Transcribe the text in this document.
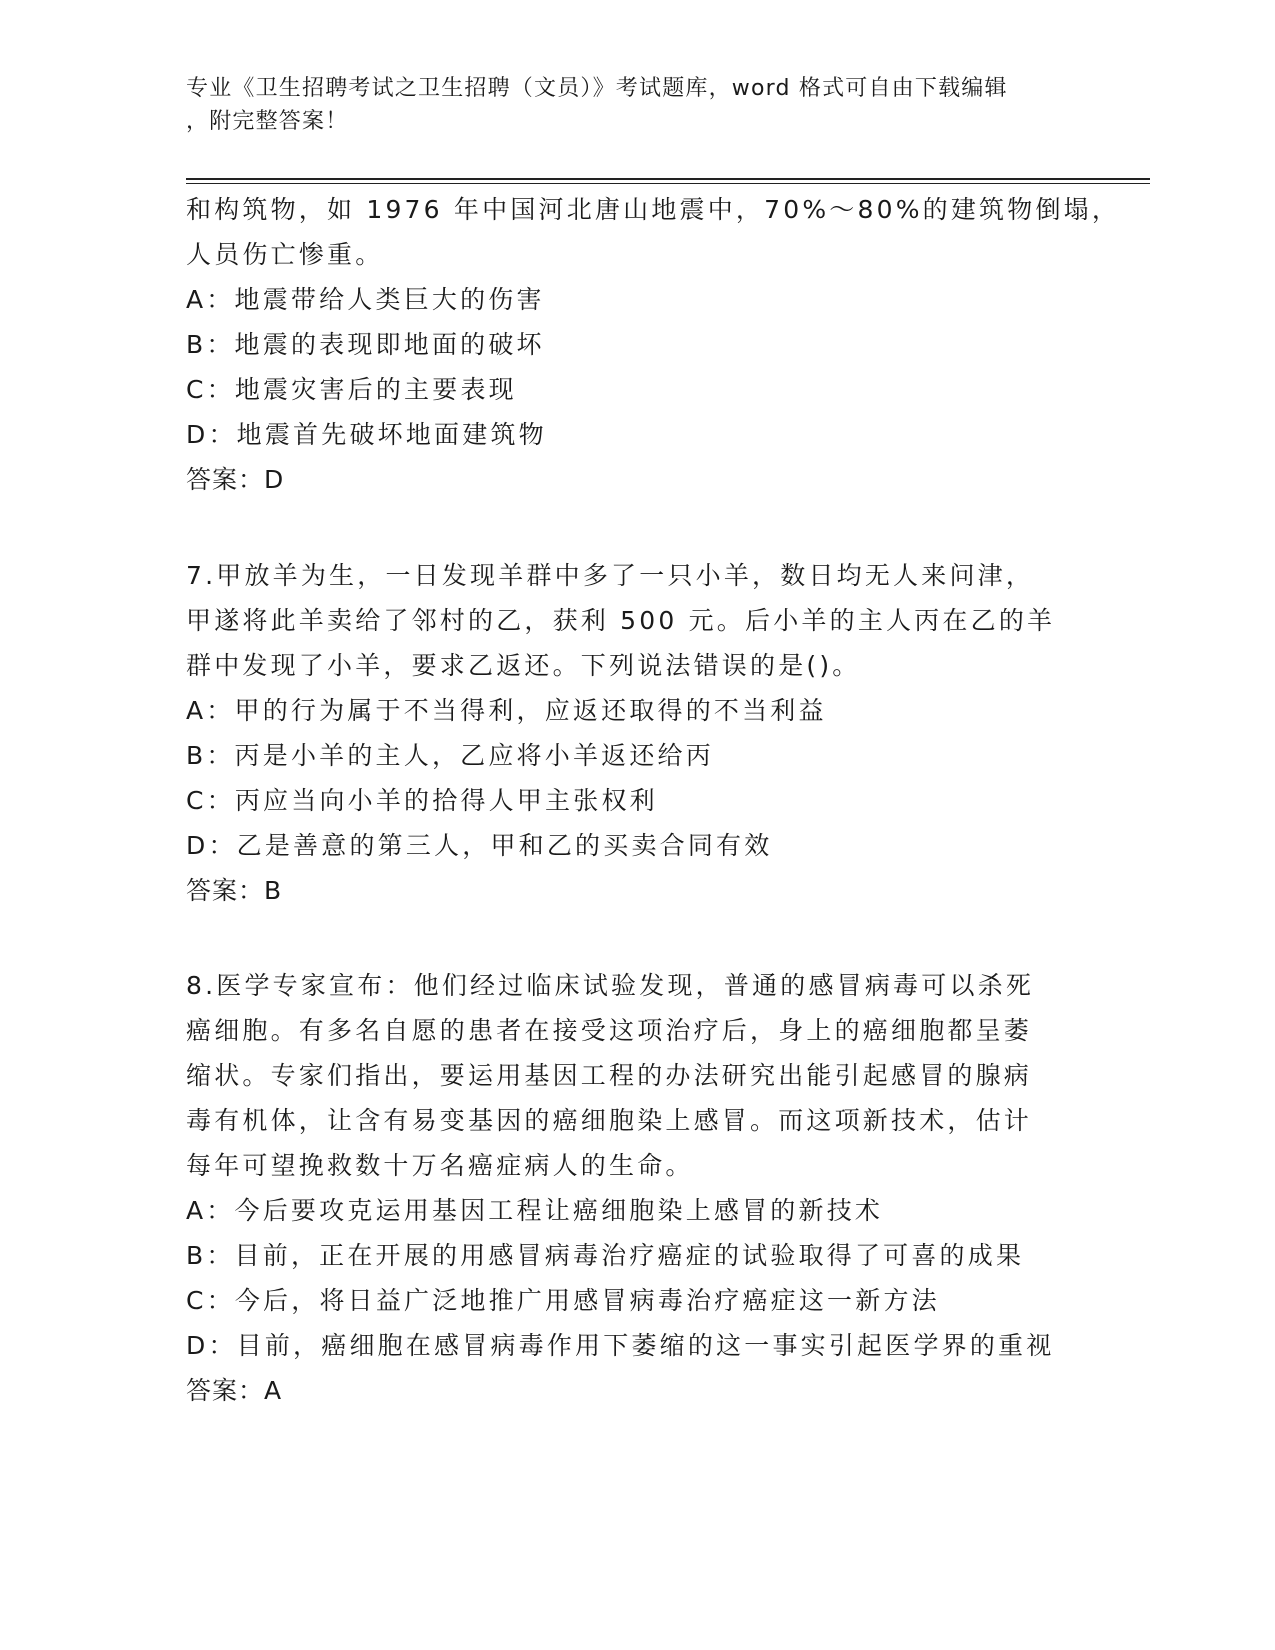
专业《卫生招聘考试之卫生招聘（文员）》考试题库，word 格式可自由下载编辑
，附完整答案！
和构筑物，如 1976 年中国河北唐山地震中，70%～80%的建筑物倒塌，
人员伤亡惨重。
A：地震带给人类巨大的伤害
B：地震的表现即地面的破坏
C：地震灾害后的主要表现
D：地震首先破坏地面建筑物
答案：D
7.甲放羊为生，一日发现羊群中多了一只小羊，数日均无人来问津，
甲遂将此羊卖给了邻村的乙，获利 500 元。后小羊的主人丙在乙的羊
群中发现了小羊，要求乙返还。下列说法错误的是()。
A：甲的行为属于不当得利，应返还取得的不当利益
B：丙是小羊的主人，乙应将小羊返还给丙
C：丙应当向小羊的拾得人甲主张权利
D：乙是善意的第三人，甲和乙的买卖合同有效
答案：B
8.医学专家宣布：他们经过临床试验发现，普通的感冒病毒可以杀死
癌细胞。有多名自愿的患者在接受这项治疗后，身上的癌细胞都呈萎
缩状。专家们指出，要运用基因工程的办法研究出能引起感冒的腺病
毒有机体，让含有易变基因的癌细胞染上感冒。而这项新技术，估计
每年可望挽救数十万名癌症病人的生命。
A：今后要攻克运用基因工程让癌细胞染上感冒的新技术
B：目前，正在开展的用感冒病毒治疗癌症的试验取得了可喜的成果
C：今后，将日益广泛地推广用感冒病毒治疗癌症这一新方法
D：目前，癌细胞在感冒病毒作用下萎缩的这一事实引起医学界的重视
答案：A
